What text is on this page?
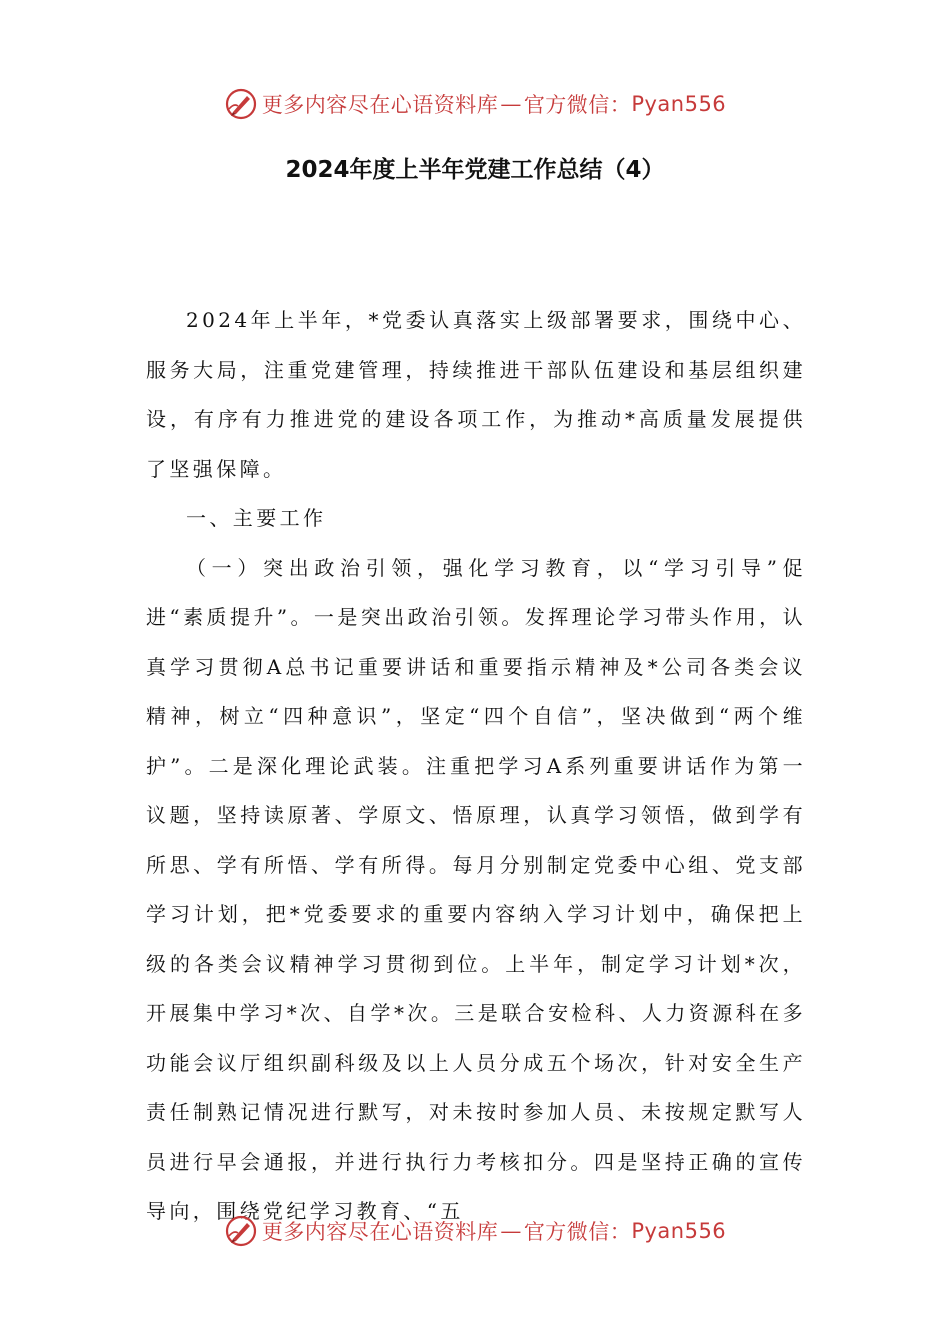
更多内容尽在心语资料库 — 官方微信： Pyan556
2024年度上半年党建工作总结（4）

2024年上半年，*党委认真落实上级部署要求，围绕中心、服务大局，注重党建管理，持续推进干部队伍建设和基层组织建设，有序有力推进党的建设各项工作，为推动*高质量发展提供了坚强保障。

一、主要工作

（一）突出政治引领，强化学习教育，以“学习引导”促进“素质提升”。一是突出政治引领。发挥理论学习带头作用，认真学习贯彻A总书记重要讲话和重要指示精神及*公司各类会议精神，树立“四种意识”，坚定“四个自信”，坚决做到“两个维护”。二是深化理论武装。注重把学习A系列重要讲话作为第一议题，坚持读原著、学原文、悟原理，认真学习领悟，做到学有所思、学有所悟、学有所得。每月分别制定党委中心组、党支部学习计划，把*党委要求的重要内容纳入学习计划中，确保把上级的各类会议精神学习贯彻到位。上半年，制定学习计划*次，开展集中学习*次、自学*次。三是联合安检科、人力资源科在多功能会议厅组织副科级及以上人员分成五个场次，针对安全生产责任制熟记情况进行默写，对未按时参加人员、未按规定默写人员进行早会通报，并进行执行力考核扣分。四是坚持正确的宣传导向，围绕党纪学习教育、“五

更多内容尽在心语资料库 — 官方微信： Pyan556
